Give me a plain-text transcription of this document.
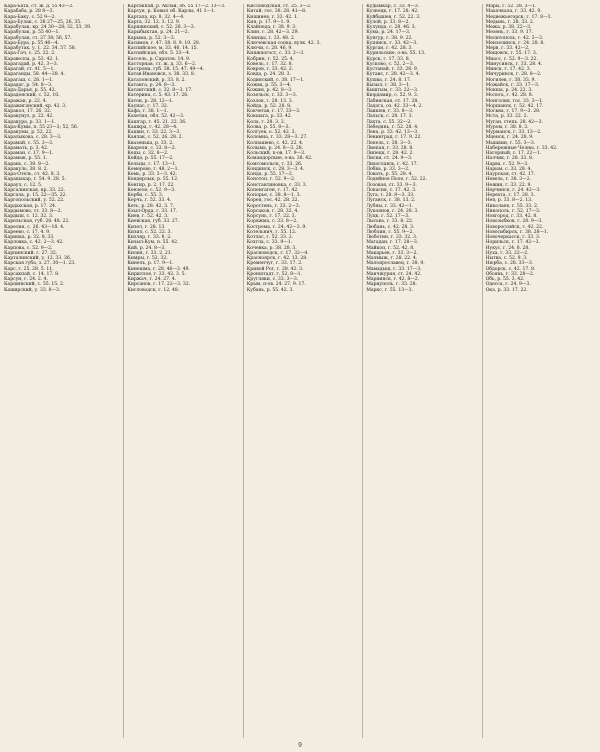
Кара-Бата, ст. ж. д. 55 43—3.
Карабаба, р. 28 8—3.
Кара-Баку, с. 52 9—2.
Кара-Булак, с. 38 27—25, 26, 35.
Карабулак, кр. 24 30—28; 32, 33, 39.
Карабулак, р. 55 40—1.
Карабулак, ст. 27 38; 56, 57.
Кара-Бура, р. 55 46—4.
Карабутак, у. 1. 22. 34. 57. 58.
Кара-Гач, с. 25. 22. 2.
Каравелла, р. 53. 42. 1.
Карагадай, р. 42. 3—3.
Карагай, ст. 41. 5—1.
Караганды, 58. 44—28. 4.
Карагаш, с. 28. 1—1.
Карадаг, р. 54. 8—3.
Кара-Дарья, р. 55. 42.
Карадонский, с. 52. 10.
Каражан, р. 22. 4.
Каражиганский, кр. 42. 3.
Каракол, 17. 26. 32.
Каракунуз, р. 22. 42.
Каракура, р. 33. 1—1.
Кара-Кумы, п. 55 23—3; 52, 56.
Каракумы, р. 52. 22.
Каралыкова, с. 28. 3—3.
Карамай, с. 55. 3—3.
Карамать, р. 3. 42.
Караман, с. 17. 9—1.
Карамык, р. 55. 1.
Карань, с. 38. 8—2.
Каракуль, 38. 8. 2.
Кара-Отель, ст. 42. 8. 3.
Карашахар, г. 54. 9. 28. 5.
Караул, с. 12. 5.
Каргалинская, кр. 33. 22.
Каргала, р. 15. 22—35. 22.
Каргопольский, у. 52. 22.
Кардахская, р. 17. 24.
Кардымово, ст. 33. 8—2.
Кардыш, с. 12. 32. 3.
Карельская, губ. 28. 48. 22.
Карелия, с. 26. 43—18. 4.
Кареево, с. 17. 4. 9.
Каринка, р. 32. 8. 33.
Карловка, с. 42. 2—3. 42.
Карпова, с. 52. 9—2.
Карпинский, г. 27. 32.
Карталинский, у. 12. 33. 36.
Карская губа, з. 27. 30—1. 23.
Карс, г. 25. 28. 5. 11.
Карсакпай, с. 14. 17. 8.
Карсун, г. 24. 2. 4.
Каршинский, с. 55. 15. 2.
Каширский, у. 33. 8—3.
Карсакпай, р. Аклаи, об. 55 17—2. 13—3.
Карсун, р. Ковыл об. Карлы, 41 1—1.
Картала, кр. 8. 32. 4—4.
Карта, 32. 12. 3. 12. 9.
Каршинский, с. 52. 28. 3—3.
Карыбыктан, р. 24. 21—2.
Карыма, р. 52. 3—3.
Касимов, г. 47. 38. 8. 9. 10. 28.
Каспийское, м. 33. 46. 14. 15.
Каспийская, обл. 5. 33—4.
Кассель, р. Саратов. 14. 9.
Касторная, ст. ж. д. 33. 6—2.
Кастрома, губ. 38. 15. 47. 49—4.
Катав-Ивановск, з. 38. 33. 8.
Каталонский, р. 33. 8. 2.
Катанга, р. 24. 8—3.
Катангский, с. 32. 8—3. 17.
Катерина, с. 5. 43. 17. 26.
Катон, р. 28. 12—1.
Каунас, г. 17. 32.
Кафа, г. 38. 1—1.
Кахетия, обл. 52. 42—3.
Кашгар, г. 45. 21. 22. 36.
Кашира, г. 42. 28—4.
Кашин, г. 33. 22. 3—3.
Каялак, с. 52. 26. 28. 2.
Квазенька, р. 33. 2.
Кварели, с. 33. 8—2.
Кеды, с. 32. 8—2.
Кейда, р. 55. 17—2.
Кельцы, г. 17. 13—1.
Кемерово, г. 48. 2—1.
Кемь, р. 33. 3—3. 42.
Кендерлык, р. 55. 12.
Кенгир, р. 2. 17. 22.
Кензеле, с. 52. 9—3.
Керби, с. 55. 3.
Керчь, г. 52. 33. 4.
Кеть, р. 28. 42. 3. 7.
Кзыл-Орда, г. 33. 17.
Киев, г. 52. 42. 3.
Киевская, губ. 33. 27.
Кизел, г. 28. 13.
Кизил, с. 52. 22. 3.
Кизляр, г. 33. 8. 2.
Кизыл-Кум, п. 55. 42.
Кий, р. 24. 8—3.
Килия, г. 33. 2. 21.
Кимры, г. 52. 32.
Кинель, р. 17. 9—1.
Кинешма, г. 28. 46—3. 49.
Кириллов, г. 33. 42. 3. 5.
Киржач, г. 24. 27. 4.
Кирсанов, г. 17. 22—3. 32.
Кисловодск, г. 12. 48.
Кисловодская, ст. 25. 3—2.
Китай, гос. 38. 28. 41—8.
Кишинев, г. 33. 42. 1.
Кия, р. 17. 9—1. 9.
Клайпеда, г. 38. 9. 3.
Клин, г. 28. 42—3. 29.
Клинцы, г. 33. 48. 2.
Ключевская сопка, вулк. 42. 3.
Ключи, с. 28. 46. 9.
Княжпогост, с. 33. 2—3.
Кобрин, г. 52. 25. 4.
Ковель, г. 17. 32. 8.
Ковров, г. 33. 42. 2.
Ковда, р. 24. 28. 3.
Кодинский, с. 38. 17—1.
Кожва, р. 55. 3—4.
Кожим, р. 42. 8—3.
Козельск, г. 33. 3—3.
Козлов, г. 28. 13. 3.
Койда, р. 52. 28. 8.
Кокчетав, г. 17. 33—3.
Кокшага, р. 33. 42.
Кола, г. 28. 3. 2.
Колва, р. 55. 8—3.
Колгуев, о. 52. 42. 3.
Коломна, г. 33. 28—3. 27.
Колпашево, с. 42. 22. 4.
Колыма, р. 24. 8—3. 28.
Кольский, п-ов. 17. 9—3.
Командорские, о-ва. 38. 42.
Комсомольск, г. 33. 26.
Кондинск, с. 28. 3—3. 4.
Конда, р. 55. 17—2.
Конотоп, г. 52. 9—2.
Константиновка, с. 33. 3.
Копенгаген, г. 17. 42.
Копорье, с. 38. 8—1. 3.
Корея, гос. 42. 28. 22.
Коростень, г. 33. 2—3.
Корсаков, г. 28. 32. 4.
Корсунь, г. 17. 22. 3.
Коряжма, с. 33. 8—2.
Кострома, г. 24. 42—3. 9.
Котельнич, г. 55. 12.
Котлас, г. 52. 33. 2.
Кохтла, с. 33. 9—1.
Кочевка, р. 38. 28. 3.
Красноводск, г. 17. 32—4.
Красноярск, г. 42. 13. 28.
Кременчуг, г. 33. 17. 2.
Кривой Рог, г. 28. 42. 3.
Кронштадт, г. 52. 8—1.
Кругляки, с. 33. 3—3.
Крым, п-ов. 24. 27. 9. 17.
Кубань, р. 55. 42. 3.
Кудымкар, с. 33. 4—3.
Кузнецк, г. 17. 28. 42.
Куйбышев, г. 52. 22. 3.
Кулой, р. 33. 8—2.
Кулунда, с. 28. 46. 3.
Кума, р. 24. 17—3.
Кунгур, г. 38. 9. 22.
Купянск, г. 33. 42—3.
Курган, г. 42. 28. 3.
Курильские, о-ва. 55. 13.
Курск, г. 17. 33. 8.
Кусково, с. 52. 2—3.
Кустанай, г. 33. 28. 9.
Кутаис, г. 28. 42—3. 4.
Кушва, г. 24. 8. 17.
Кызыл, г. 38. 3—1.
Кыштым, г. 33. 22—3.
Кюрдамир, с. 52. 9. 3.
Лабинская, ст. 17. 28.
Ладога, оз. 42. 33—4. 2.
Лаишев, г. 33. 8—3.
Лальск, с. 28. 17. 3.
Лахта, с. 55. 32—2.
Лебедянь, г. 52. 28. 4.
Лена, р. 33. 42. 13—3.
Ленинград, г. 17. 9. 22.
Лепель, г. 38. 3—3.
Лиепая, г. 33. 28. 8.
Липецк, г. 28. 42. 2.
Лиски, ст. 24. 9—3.
Лихославль, г. 42. 17.
Лобва, р. 33. 3—2.
Ловать, р. 55. 28. 4.
Лодейное Поле, г. 52. 22.
Лозовая, ст. 33. 9—3.
Лопасня, с. 17. 42. 3.
Луга, г. 28. 8—3. 33.
Луганск, г. 38. 13. 2.
Лубны, г. 33. 42—1.
Лукоянов, г. 24. 28. 3.
Луцк, г. 52. 17—3.
Лысьва, г. 33. 8. 22.
Любань, с. 42. 28. 3.
Люблин, г. 55. 9—2.
Люботин, г. 33. 32. 3.
Магадан, г. 17. 28—3.
Майкоп, г. 52. 42. 8.
Макарьев, г. 33. 3—2.
Малмыж, г. 28. 22. 4.
Малоярославец, г. 38. 9.
Мамадыш, г. 33. 17—3.
Манчжурия, ст. 24. 42.
Мариинск, г. 42. 8—2.
Мариуполь, г. 33. 28.
Маркс, г. 55. 13—3.
Мары, г. 52. 28. 3—1.
Махачкала, г. 33. 42. 9.
Медвежьегорск, г. 17. 8—3.
Медынь, г. 28. 33. 2.
Межа, р. 38. 22—3.
Мезень, г. 33. 9. 17.
Мелитополь, г. 42. 3—3.
Мензелинск, г. 24. 28. 8.
Мерв, г. 33. 42—2.
Мещовск, г. 55. 17. 3.
Миасс, г. 52. 9—3. 22.
Минусинск, г. 33. 28. 4.
Минск, г. 17. 42. 3.
Мичуринск, г. 28. 8—2.
Могилев, г. 38. 33. 9.
Можайск, г. 33. 17—3.
Мокша, р. 24. 22. 3.
Молога, г. 42. 28. 8.
Монголия, гос. 33. 3—1.
Моршанск, г. 52. 42. 17.
Москва, г. 17. 9—3. 28.
Мста, р. 33. 22. 2.
Муган, степь. 28. 42—3.
Муром, г. 38. 8. 3.
Мурманск, г. 33. 13—2.
Мценск, г. 24. 28. 9.
Мышкин, г. 55. 3—3.
Набережные Челны, г. 33. 42.
Нагорный, с. 17. 22—1.
Налчик, г. 28. 33. 8.
Нарва, г. 52. 9—3.
Нарым, с. 33. 28. 4.
Наурская, ст. 42. 17.
Невель, г. 38. 3—2.
Нежин, г. 33. 22. 9.
Нерчинск, г. 24. 42—3.
Нерехта, г. 17. 28. 3.
Нея, р. 33. 8—2. 13.
Николаев, г. 55. 33. 2.
Никополь, г. 52. 17—3.
Новгород, г. 33. 42. 8.
Новозыбков, г. 28. 9—3.
Новороссийск, г. 42. 22.
Новосибирск, г. 38. 28—1.
Новочеркасск, г. 33. 3.
Норильск, г. 17. 42—3.
Нукус, г. 24. 8. 28.
Нуха, г. 33. 22—2.
Нытва, с. 52. 9. 3.
Нюрба, с. 28. 33—3.
Обдорск, с. 42. 17. 8.
Обоянь, г. 33. 28—2.
Обь, р. 55. 3. 42.
Одесса, г. 24. 9—3.
Ока, р. 33. 17. 22.
9
